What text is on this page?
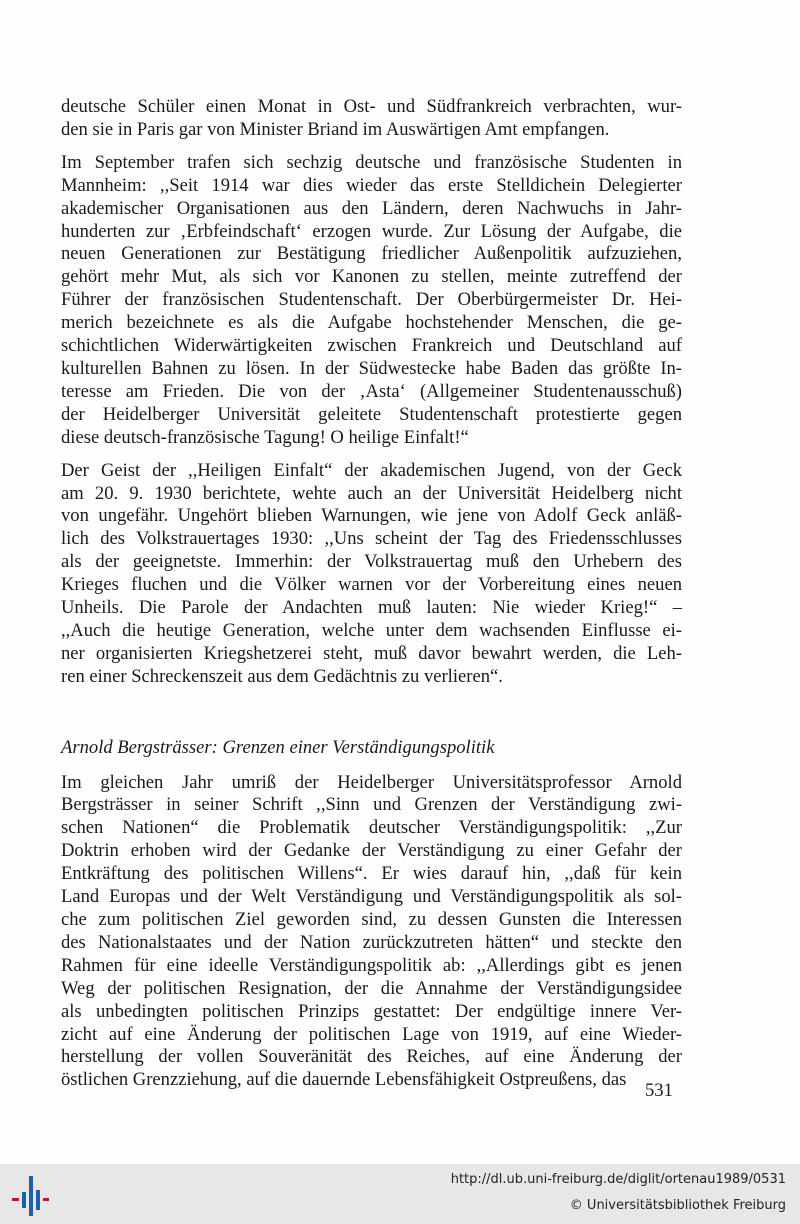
deutsche Schüler einen Monat in Ost- und Südfrankreich verbrachten, wur-
den sie in Paris gar von Minister Briand im Auswärtigen Amt empfangen.

Im September trafen sich sechzig deutsche und französische Studenten in
Mannheim: ,,Seit 1914 war dies wieder das erste Stelldichein Delegierter
akademischer Organisationen aus den Ländern, deren Nachwuchs in Jahr-
hunderten zur ‚Erbfeindschaft‘ erzogen wurde. Zur Lösung der Aufgabe, die
neuen Generationen zur Bestätigung friedlicher Außenpolitik aufzuziehen,
gehört mehr Mut, als sich vor Kanonen zu stellen, meinte zutreffend der
Führer der französischen Studentenschaft. Der Oberbürgermeister Dr. Hei-
merich bezeichnete es als die Aufgabe hochstehender Menschen, die ge-
schichtlichen Widerwärtigkeiten zwischen Frankreich und Deutschland auf
kulturellen Bahnen zu lösen. In der Südwestecke habe Baden das größte In-
teresse am Frieden. Die von der ‚Asta‘ (Allgemeiner Studentenausschuß)
der Heidelberger Universität geleitete Studentenschaft protestierte gegen
diese deutsch-französische Tagung! O heilige Einfalt!“

Der Geist der ,,Heiligen Einfalt“ der akademischen Jugend, von der Geck
am 20. 9. 1930 berichtete, wehte auch an der Universität Heidelberg nicht
von ungefähr. Ungehört blieben Warnungen, wie jene von Adolf Geck anläß-
lich des Volkstrauertages 1930: ,,Uns scheint der Tag des Friedensschlusses
als der geeignetste. Immerhin: der Volkstrauertag muß den Urhebern des
Krieges fluchen und die Völker warnen vor der Vorbereitung eines neuen
Unheils. Die Parole der Andachten muß lauten: Nie wieder Krieg!“ –
,,Auch die heutige Generation, welche unter dem wachsenden Einflusse ei-
ner organisierten Kriegshetzerei steht, muß davor bewahrt werden, die Leh-
ren einer Schreckenszeit aus dem Gedächtnis zu verlieren“.

Arnold Bergsträsser: Grenzen einer Verständigungspolitik

Im gleichen Jahr umriß der Heidelberger Universitätsprofessor Arnold
Bergsträsser in seiner Schrift ,,Sinn und Grenzen der Verständigung zwi-
schen Nationen“ die Problematik deutscher Verständigungspolitik: ,,Zur
Doktrin erhoben wird der Gedanke der Verständigung zu einer Gefahr der
Entkräftung des politischen Willens“. Er wies darauf hin, ,,daß für kein
Land Europas und der Welt Verständigung und Verständigungspolitik als sol-
che zum politischen Ziel geworden sind, zu dessen Gunsten die Interessen
des Nationalstaates und der Nation zurückzutreten hätten“ und steckte den
Rahmen für eine ideelle Verständigungspolitik ab: ,,Allerdings gibt es jenen
Weg der politischen Resignation, der die Annahme der Verständigungsidee
als unbedingten politischen Prinzips gestattet: Der endgültige innere Ver-
zicht auf eine Änderung der politischen Lage von 1919, auf eine Wieder-
herstellung der vollen Souveränität des Reiches, auf eine Änderung der
östlichen Grenzziehung, auf die dauernde Lebensfähigkeit Ostpreußens, das

531
http://dl.ub.uni-freiburg.de/diglit/ortenau1989/0531
© Universitätsbibliothek Freiburg
